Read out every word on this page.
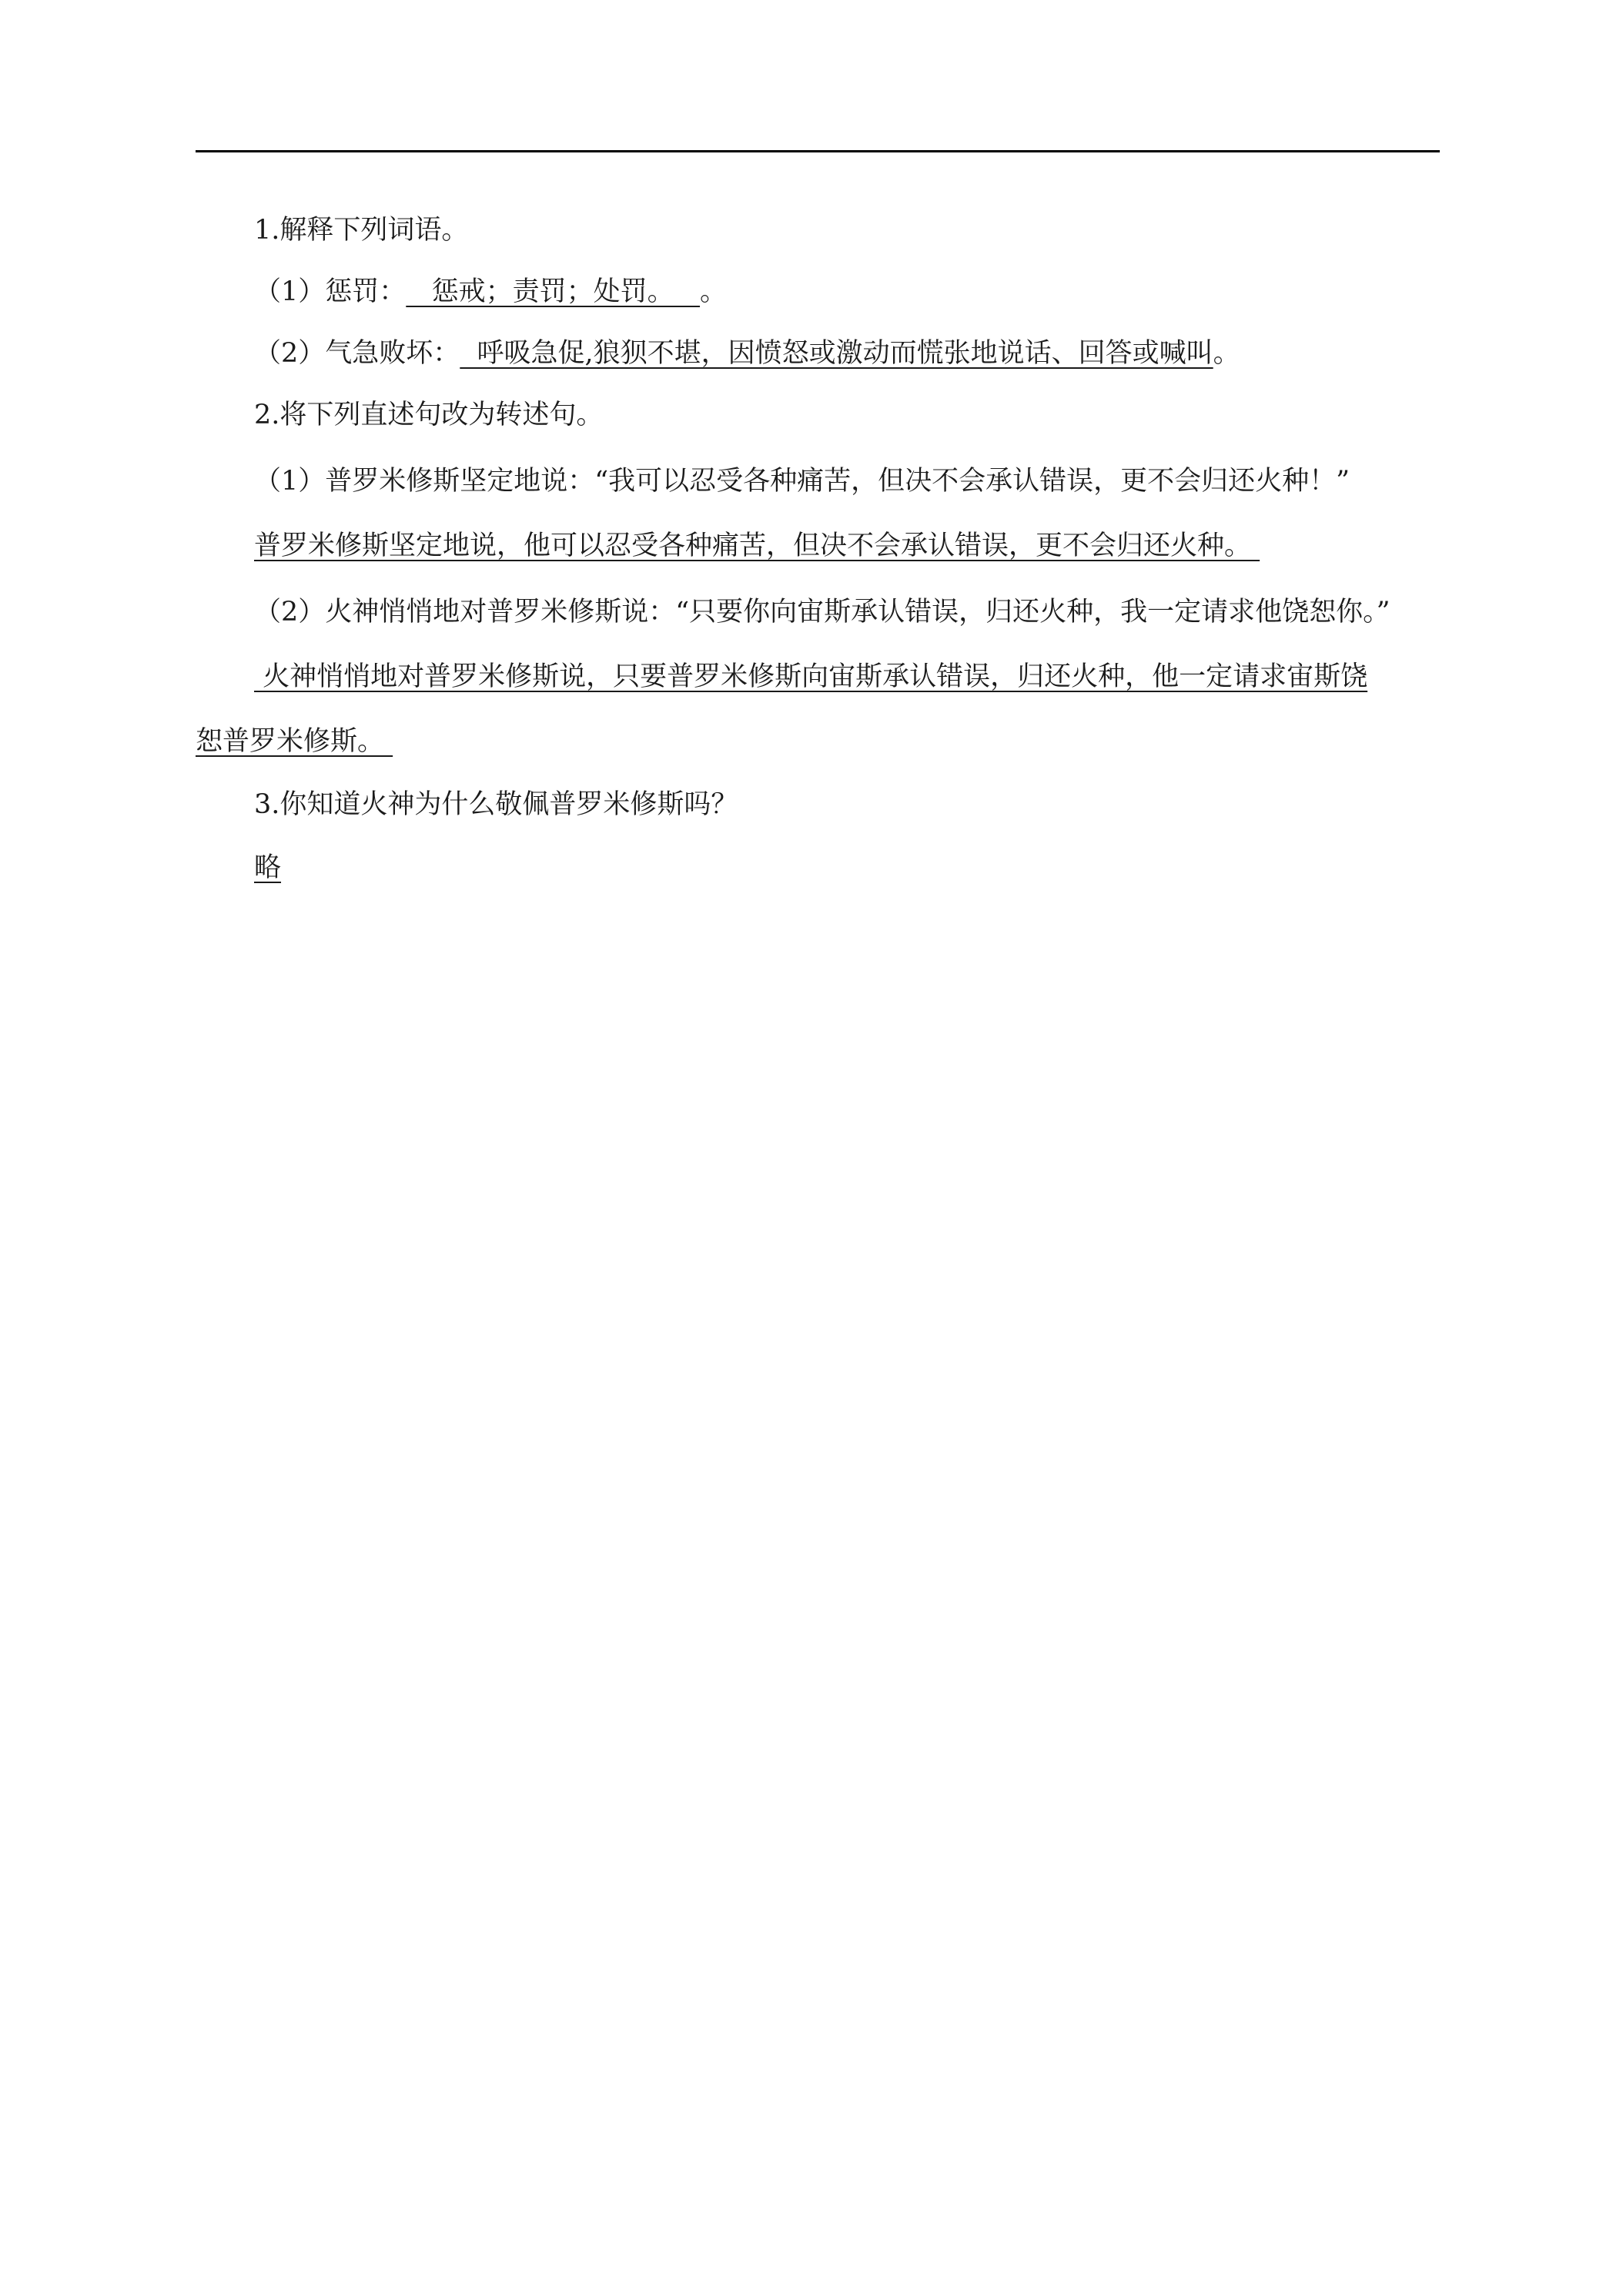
1.解释下列词语。
（1）惩罚：   惩戒；责罚；处罚。   。
（2）气急败坏：  呼吸急促,狼狈不堪，因愤怒或激动而慌张地说话、回答或喊叫。
2.将下列直述句改为转述句。
（1）普罗米修斯坚定地说：“我可以忍受各种痛苦，但决不会承认错误，更不会归还火种！”
普罗米修斯坚定地说，他可以忍受各种痛苦，但决不会承认错误，更不会归还火种。
（2）火神悄悄地对普罗米修斯说：“只要你向宙斯承认错误，归还火种，我一定请求他饶恕你。”
火神悄悄地对普罗米修斯说，只要普罗米修斯向宙斯承认错误，归还火种，他一定请求宙斯饶
恕普罗米修斯。
3.你知道火神为什么敬佩普罗米修斯吗？
略
